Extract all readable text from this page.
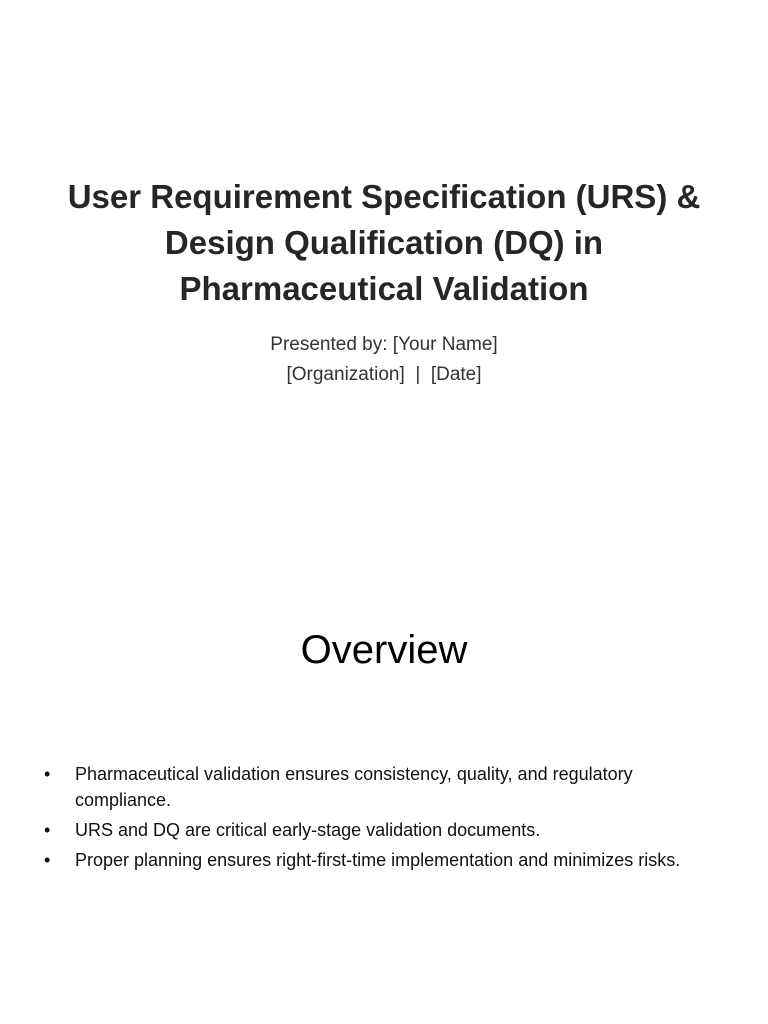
User Requirement Specification (URS) &
Design Qualification (DQ) in
Pharmaceutical Validation

Presented by: [Your Name]
[Organization]  |  [Date]

Overview
• Pharmaceutical validation ensures consistency, quality, and regulatory compliance.
• URS and DQ are critical early-stage validation documents.
• Proper planning ensures right-first-time implementation and minimizes risks.
